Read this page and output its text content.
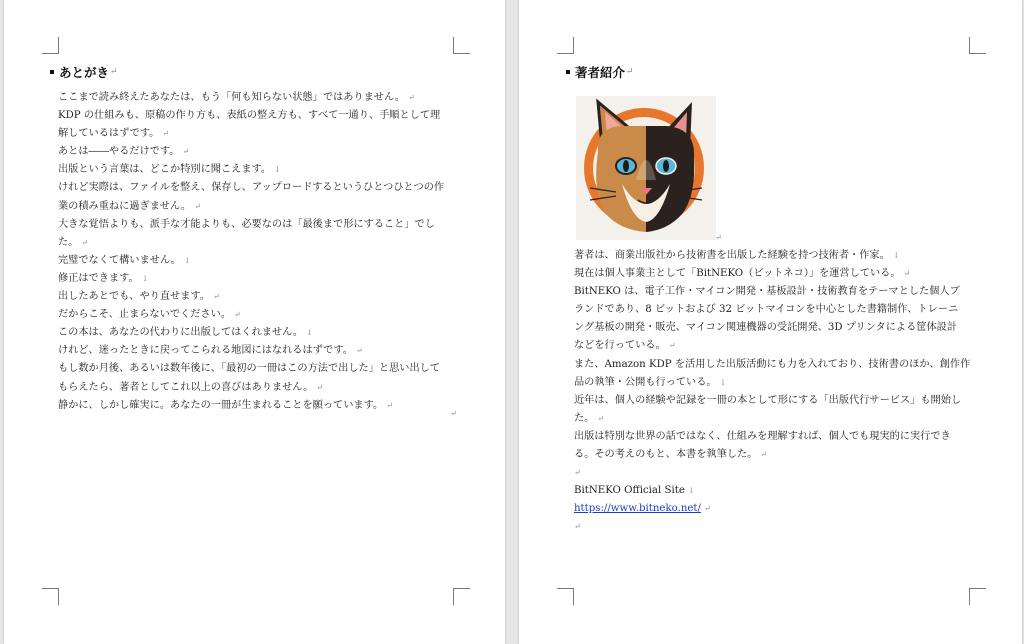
あとがき ↵

ここまで読み終えたあなたは、もう「何も知らない状態」ではありません。 ↵

KDP の仕組みも、原稿の作り方も、表紙の整え方も、すべて一通り、手順として理

解しているはずです。 ↵

あとは――やるだけです。 ↵

出版という言葉は、どこか特別に聞こえます。 ↓

けれど実際は、ファイルを整え、保存し、アップロードするというひとつひとつの作

業の積み重ねに過ぎません。 ↵

大きな覚悟よりも、派手な才能よりも、必要なのは「最後まで形にすること」でし

た。 ↵

完璧でなくて構いません。 ↓

修正はできます。 ↓

出したあとでも、やり直せます。 ↵

だからこそ、止まらないでください。 ↵

この本は、あなたの代わりに出版してはくれません。 ↓

けれど、迷ったときに戻ってこられる地図にはなれるはずです。 ↵

もし数か月後、あるいは数年後に、「最初の一冊はこの方法で出した」と思い出して

もらえたら、著者としてこれ以上の喜びはありません。 ↵

静かに、しかし確実に。あなたの一冊が生まれることを願っています。 ↵

↵
著者紹介 ↵
↵

著者は、商業出版社から技術書を出版した経験を持つ技術者・作家。 ↓

現在は個人事業主として「BitNEKO（ビットネコ）」を運営している。 ↵

BitNEKO は、電子工作・マイコン開発・基板設計・技術教育をテーマとした個人ブ

ランドであり、8 ビットおよび 32 ビットマイコンを中心とした書籍制作、トレーニ

ング基板の開発・販売、マイコン関連機器の受託開発、3D プリンタによる筐体設計

などを行っている。 ↵

また、Amazon KDP を活用した出版活動にも力を入れており、技術書のほか、創作作

品の執筆・公開も行っている。 ↓

近年は、個人の経験や記録を一冊の本として形にする「出版代行サービス」も開始し

た。 ↵

出版は特別な世界の話ではなく、仕組みを理解すれば、個人でも現実的に実行でき

る。その考えのもと、本書を執筆した。 ↵

↵

BitNEKO Official Site ↓

https://www.bitneko.net/ ↵

↵
